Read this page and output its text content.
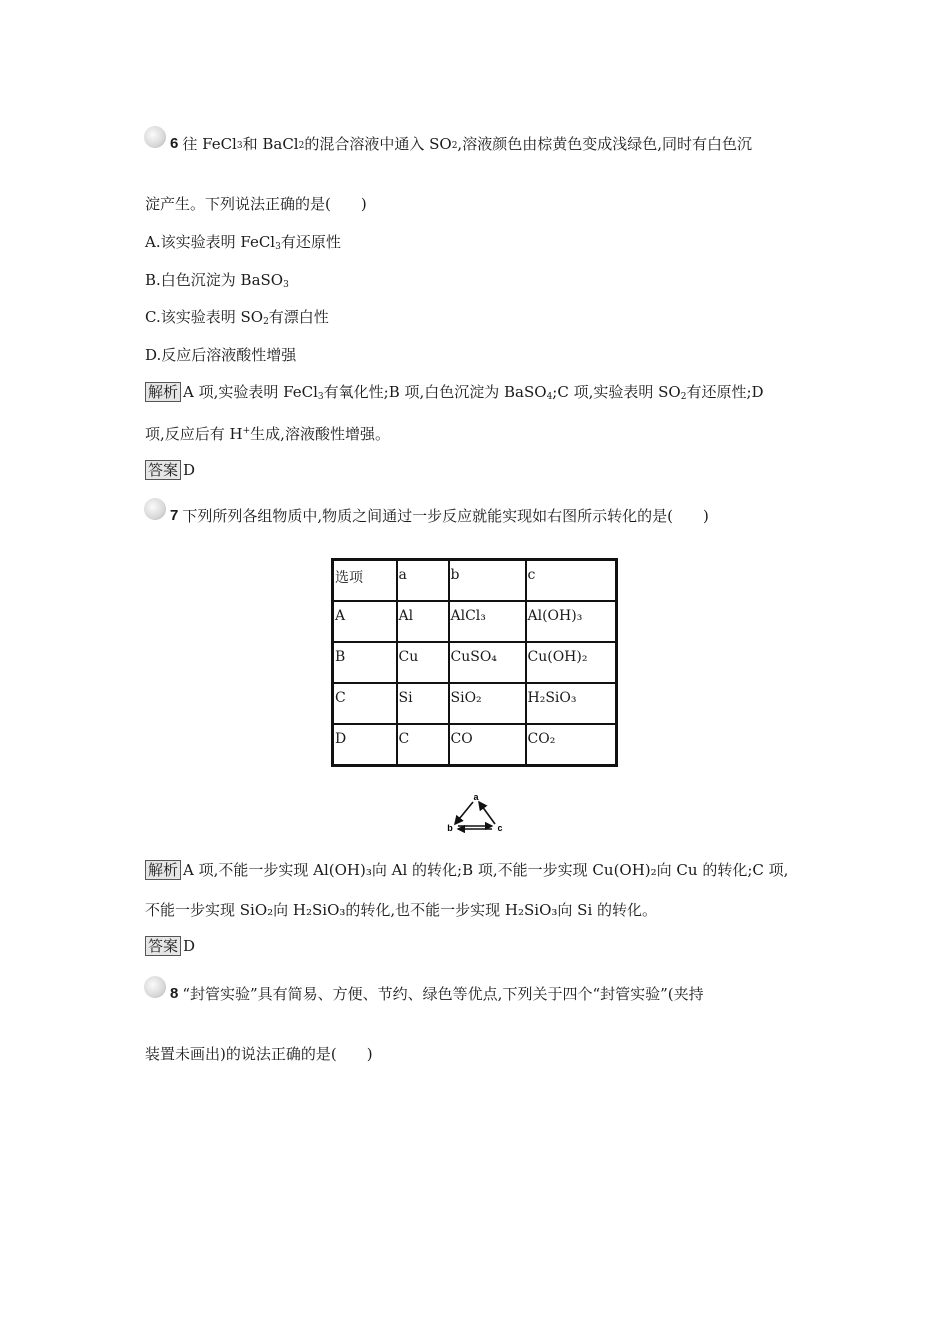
6 往 FeCl$_3$ 和 BaCl$_2$ 的混合溶液中通入 $SO_2$ ,溶液颜色由棕黄色变成浅绿色,同时有白色沉
淀产生。下列说法正确的是(　　)
A.该实验表明 FeCl$_3$有还原性
B.白色沉淀为 BaSO$_3$
C.该实验表明 $SO_2$有漂白性
D.反应后溶液酸性增强
解析 A 项,实验表明 FeCl$_3$有氧化性;B 项,白色沉淀为 BaSO$_4$;C 项,实验表明 $SO_2$有还原性;D
项,反应后有 H+生成,溶液酸性增强。
答案 D
7 下列所列各组物质中,物质之间通过一步反应就能实现如右图所示转化的是(　　)
选项	a	b	c
A	Al	AlCl₃	Al(OH)₃
B	Cu	CuSO₄	Cu(OH)₂
C	Si	SiO₂	H₂SiO₃
D	C	CO	CO₂
a
b	c
解析 A 项,不能一步实现 Al(OH)₃向 Al 的转化;B 项,不能一步实现 Cu(OH)₂向 Cu 的转化;C 项,
不能一步实现 SiO₂向 H₂SiO₃的转化,也不能一步实现 H₂SiO₃向 Si 的转化。
答案 D
8 “封管实验”具有简易、方便、节约、绿色等优点,下列关于四个“封管实验”(夹持
装置未画出)的说法正确的是(　　)
